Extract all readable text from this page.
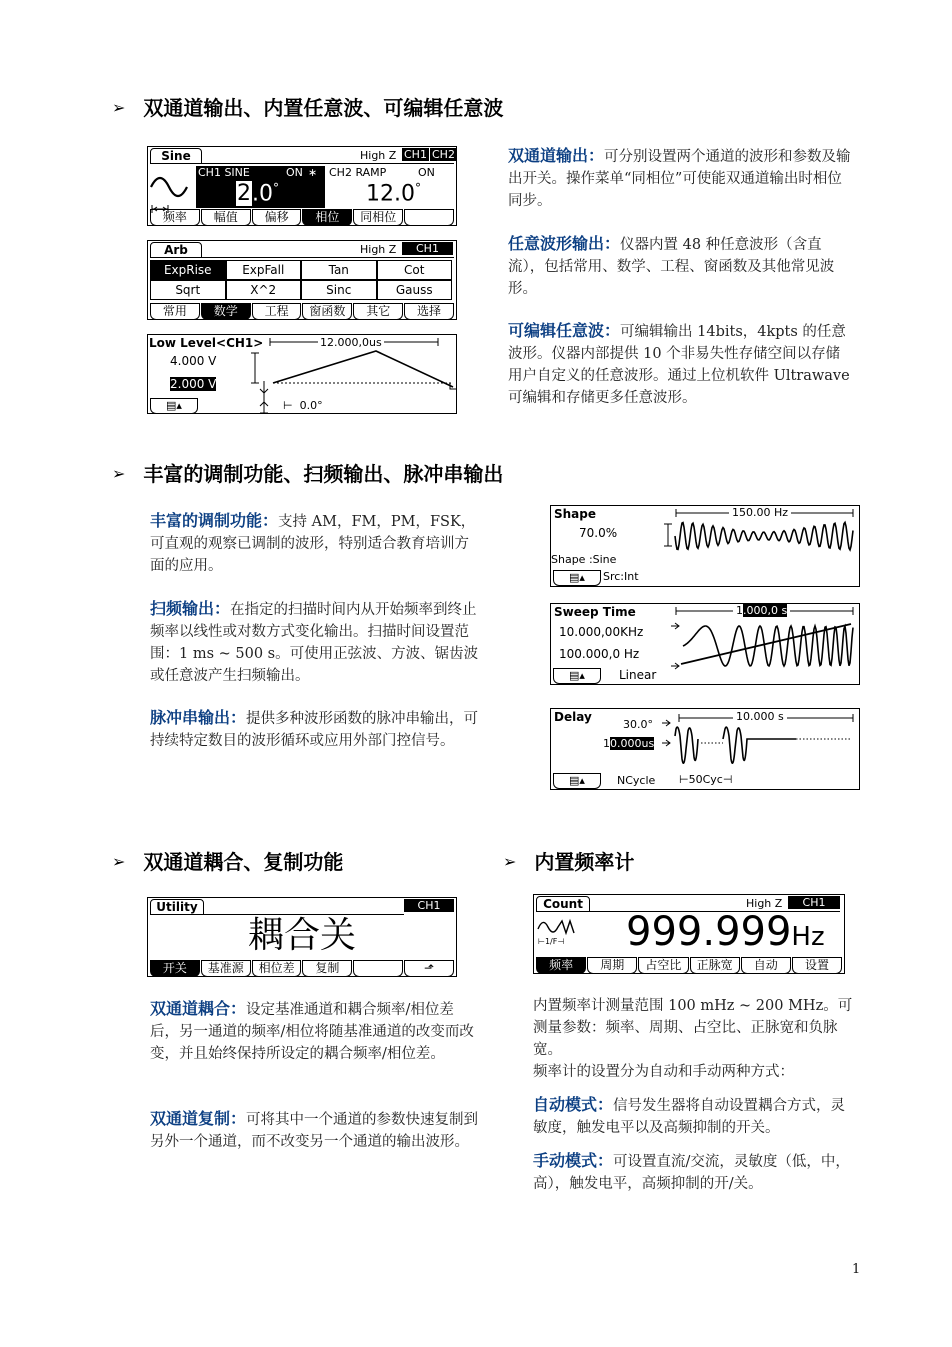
➢ 双通道输出、内置任意波、可编辑任意波
Sine	High Z CH1 CH2
CH1 SINE	ON ∗ CH2 RAMP	ON
2.0°	12.0°
频率	幅值	偏移	相位	同相位
Arb	High Z	CH1
ExpRise	ExpFall	Tan	Cot
Sqrt	X^2	Sinc	Gauss
常用	数学	工程	窗函数	其它	选择
Low Level<CH1>	12.000,0us
4.000 V
2.000 V
⊢ 0.0°
▤▴
双通道输出：可分别设置两个通道的波形和参数及输出开关。操作菜单“同相位”可使能双通道输出时相位同步。
任意波形输出：仪器内置 48 种任意波形（含直流），包括常用、数学、工程、窗函数及其他常见波形。
可编辑任意波：可编辑输出 14bits，4kpts 的任意波形。仪器内部提供 10 个非易失性存储空间以存储用户自定义的任意波形。通过上位机软件 Ultrawave 可编辑和存储更多任意波形。
➢ 丰富的调制功能、扫频输出、脉冲串输出
丰富的调制功能：支持 AM，FM，PM，FSK，可直观的观察已调制的波形，特别适合教育培训方面的应用。
扫频输出：在指定的扫描时间内从开始频率到终止频率以线性或对数方式变化输出。扫描时间设置范围：1 ms ~ 500 s。可使用正弦波、方波、锯齿波或任意波产生扫频输出。
脉冲串输出：提供多种波形函数的脉冲串输出，可持续特定数目的波形循环或应用外部门控信号。
Shape
70.0%
150.00 Hz
Shape :Sine
Src:Int
▤▴
Sweep Time	1.000,0 s
10.000,00KHz
100.000,0 Hz
Linear
▤▴
Delay
30.0°
10.000us
10.000 s
⊢50Cyc⊣
NCycle
▤▴
➢ 双通道耦合、复制功能	➢ 内置频率计
Utility	CH1
耦合关
开关	基准源	相位差	复制	⬏
双通道耦合：设定基准通道和耦合频率/相位差后，另一通道的频率/相位将随基准通道的改变而改变，并且始终保持所设定的耦合频率/相位差。
双通道复制：可将其中一个通道的参数快速复制到另外一个通道，而不改变另一个通道的输出波形。
Count	High Z	CH1
⊢1/F⊣ 999.999Hz
频率	周期	占空比	正脉宽	自动	设置
内置频率计测量范围 100 mHz ~ 200 MHz。可测量参数：频率、周期、占空比、正脉宽和负脉宽。
频率计的设置分为自动和手动两种方式：
自动模式：信号发生器将自动设置耦合方式，灵敏度，触发电平以及高频抑制的开关。
手动模式：可设置直流/交流，灵敏度（低，中，高），触发电平，高频抑制的开/关。
1
